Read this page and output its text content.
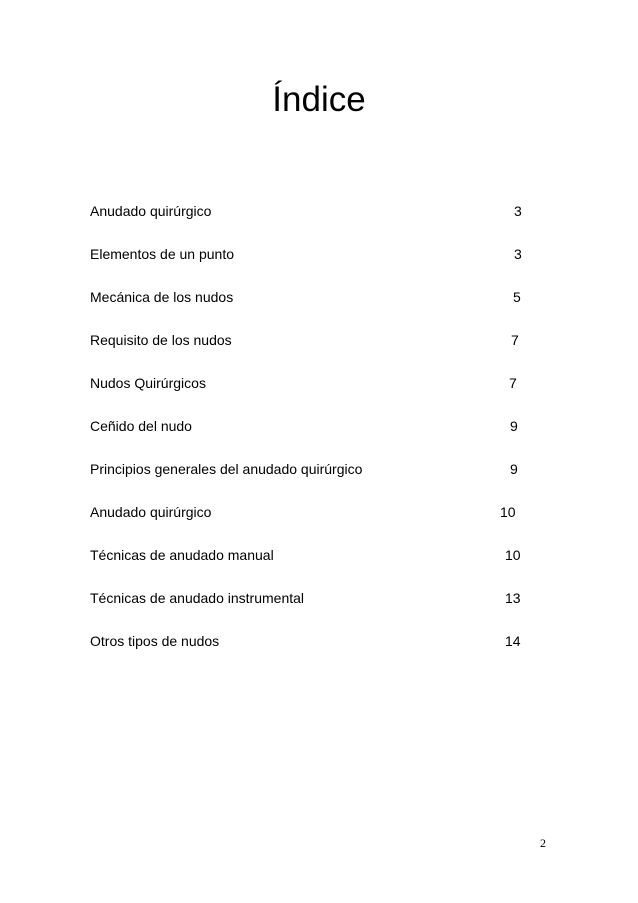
Índice
Anudado quirúrgico	3
Elementos de un punto	3
Mecánica de los nudos	5
Requisito de los nudos	7
Nudos Quirúrgicos	7
Ceñido del nudo	9
Principios generales del anudado quirúrgico	9
Anudado quirúrgico	10
Técnicas de anudado manual	10
Técnicas de anudado instrumental	13
Otros tipos de nudos	14
2
